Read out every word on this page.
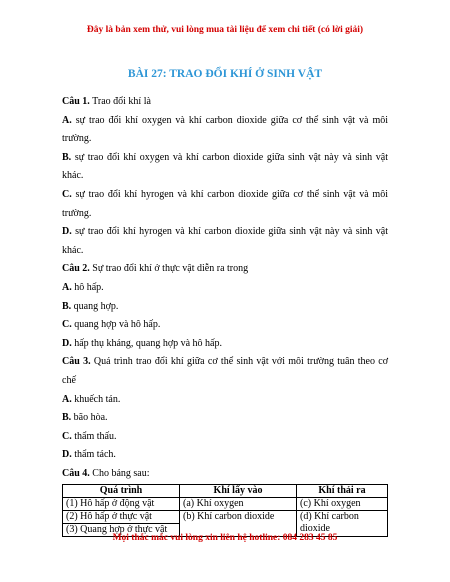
Đây là bản xem thử, vui lòng mua tài liệu để xem chi tiết (có lời giải)
BÀI 27: TRAO ĐỔI KHÍ Ở SINH VẬT

Câu 1. Trao đổi khí là

A. sự trao đổi khí oxygen và khí carbon dioxide giữa cơ thể sinh vật và môi trường.

B. sự trao đổi khí oxygen và khí carbon dioxide giữa sinh vật này và sinh vật khác.

C. sự trao đổi khí hyrogen và khí carbon dioxide giữa cơ thể sinh vật và môi trường.

D. sự trao đổi khí hyrogen và khí carbon dioxide giữa sinh vật này và sinh vật khác.

Câu 2. Sự trao đổi khí ở thực vật diễn ra trong

A. hô hấp.

B. quang hợp.

C. quang hợp và hô hấp.

D. hấp thụ kháng, quang hợp và hô hấp.

Câu 3. Quá trình trao đổi khí giữa cơ thể sinh vật với môi trường tuân theo cơ chế

A. khuếch tán.

B. bão hòa.

C. thẩm thấu.

D. thẩm tách.

Câu 4. Cho bảng sau:

Quá trình	Khí lấy vào	Khí thải ra
(1) Hô hấp ở động vật	(a) Khí oxygen	(c) Khí oxygen
(2) Hô hấp ở thực vật	(b) Khí carbon dioxide	(d) Khí carbon dioxide
(3) Quang hợp ở thực vật		
Mọi thắc mắc vui lòng xin liên hệ hotline: 084 283 45 85
